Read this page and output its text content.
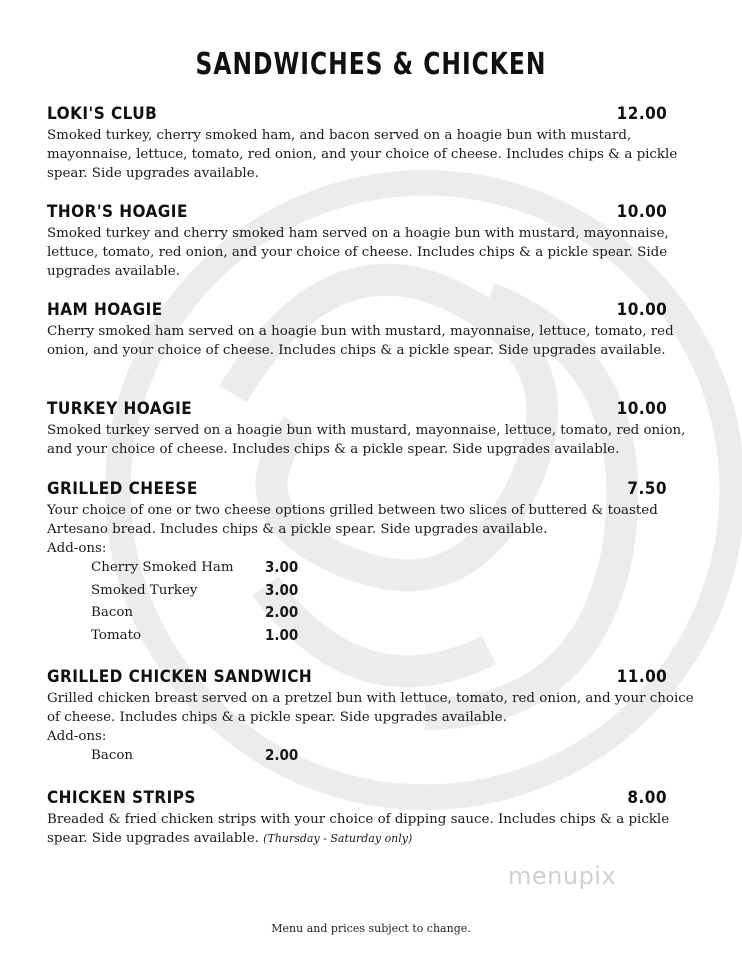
SANDWICHES & CHICKEN
LOKI'S CLUB	12.00

Smoked turkey, cherry smoked ham, and bacon served on a hoagie bun with mustard, mayonnaise, lettuce, tomato, red onion, and your choice of cheese. Includes chips & a pickle spear. Side upgrades available.

THOR'S HOAGIE	10.00

Smoked turkey and cherry smoked ham served on a hoagie bun with mustard, mayonnaise, lettuce, tomato, red onion, and your choice of cheese. Includes chips & a pickle spear. Side upgrades available.

HAM HOAGIE	10.00

Cherry smoked ham served on a hoagie bun with mustard, mayonnaise, lettuce, tomato, red onion, and your choice of cheese. Includes chips & a pickle spear. Side upgrades available.

TURKEY HOAGIE	10.00

Smoked turkey served on a hoagie bun with mustard, mayonnaise, lettuce, tomato, red onion, and your choice of cheese. Includes chips & a pickle spear. Side upgrades available.

GRILLED CHEESE	7.50

Your choice of one or two cheese options grilled between two slices of buttered & toasted Artesano bread. Includes chips & a pickle spear. Side upgrades available.

Add-ons:
Cherry Smoked Ham 3.00
Smoked Turkey	3.00
Bacon	2.00
Tomato	1.00
GRILLED CHICKEN SANDWICH	11.00

Grilled chicken breast served on a pretzel bun with lettuce, tomato, red onion, and your choice of cheese. Includes chips & a pickle spear. Side upgrades available.

Add-ons:
Bacon	2.00
CHICKEN STRIPS	8.00

Breaded & fried chicken strips with your choice of dipping sauce. Includes chips & a pickle spear. Side upgrades available. (Thursday - Saturday only)

menupix
Menu and prices subject to change.
